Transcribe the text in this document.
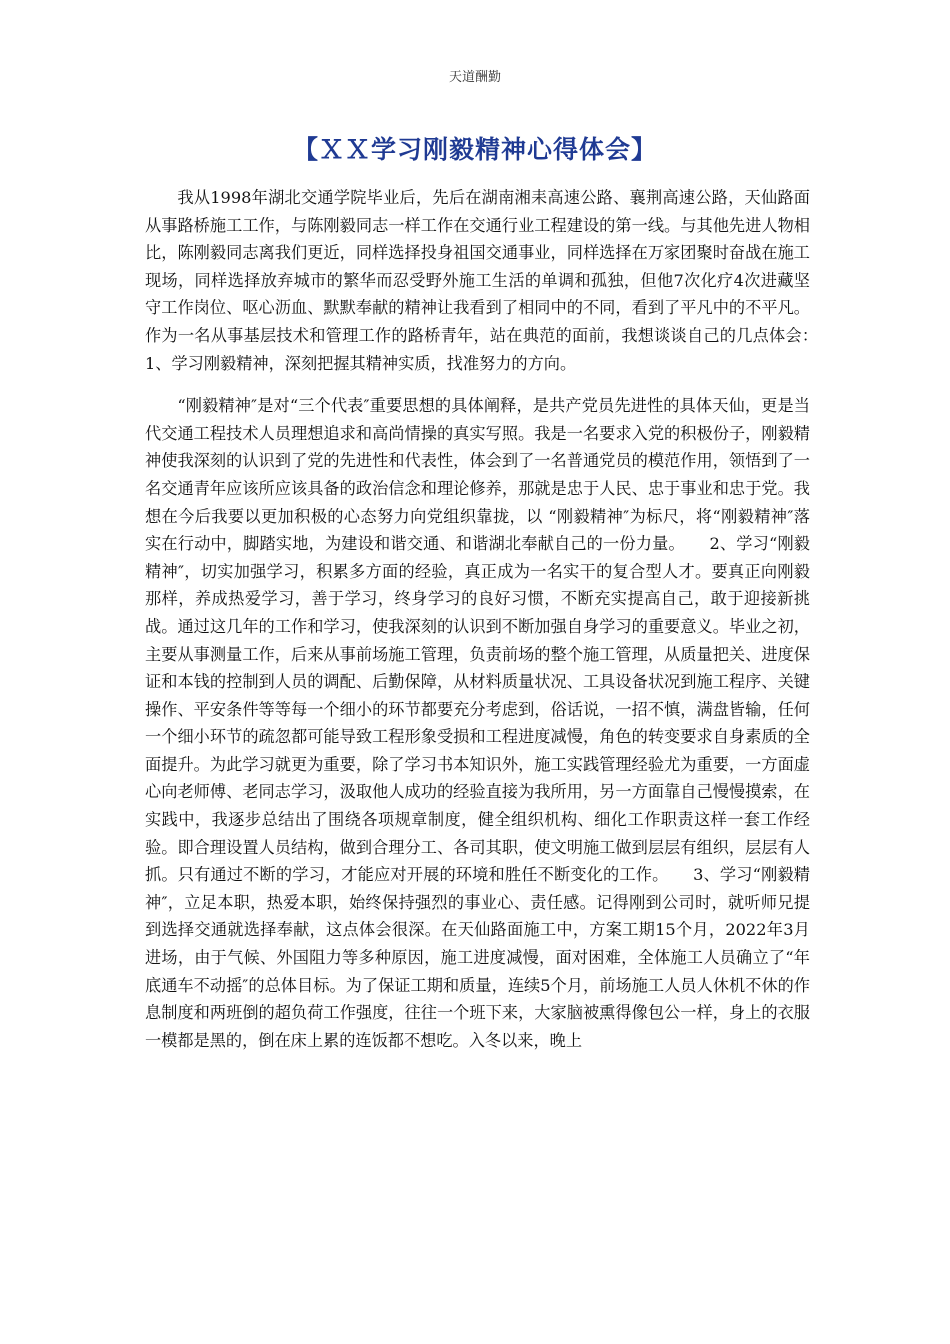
天道酬勤
【ＸＸ学习刚毅精神心得体会】

我从1998年湖北交通学院毕业后，先后在湖南湘耒高速公路、襄荆高速公路，天仙路面从事路桥施工工作，与陈刚毅同志一样工作在交通行业工程建设的第一线。与其他先进人物相比，陈刚毅同志离我们更近，同样选择投身祖国交通事业，同样选择在万家团聚时奋战在施工现场，同样选择放弃城市的繁华而忍受野外施工生活的单调和孤独，但他7次化疗4次进藏坚守工作岗位、呕心沥血、默默奉献的精神让我看到了相同中的不同，看到了平凡中的不平凡。作为一名从事基层技术和管理工作的路桥青年，站在典范的面前，我想谈谈自己的几点体会：　　1、学习刚毅精神，深刻把握其精神实质，找准努力的方向。

“刚毅精神″是对“三个代表″重要思想的具体阐释，是共产党员先进性的具体天仙，更是当代交通工程技术人员理想追求和高尚情操的真实写照。我是一名要求入党的积极份子，刚毅精神使我深刻的认识到了党的先进性和代表性，体会到了一名普通党员的模范作用，领悟到了一名交通青年应该所应该具备的政治信念和理论修养，那就是忠于人民、忠于事业和忠于党。我想在今后我要以更加积极的心态努力向党组织靠拢，以 “刚毅精神″为标尺，将“刚毅精神″落实在行动中，脚踏实地，为建设和谐交通、和谐湖北奉献自己的一份力量。　　2、学习“刚毅精神″，切实加强学习，积累多方面的经验，真正成为一名实干的复合型人才。要真正向刚毅那样，养成热爱学习，善于学习，终身学习的良好习惯，不断充实提高自己，敢于迎接新挑战。通过这几年的工作和学习，使我深刻的认识到不断加强自身学习的重要意义。毕业之初，主要从事测量工作，后来从事前场施工管理，负责前场的整个施工管理，从质量把关、进度保证和本钱的控制到人员的调配、后勤保障，从材料质量状况、工具设备状况到施工程序、关键操作、平安条件等等每一个细小的环节都要充分考虑到，俗话说，一招不慎，满盘皆输，任何一个细小环节的疏忽都可能导致工程形象受损和工程进度减慢，角色的转变要求自身素质的全面提升。为此学习就更为重要，除了学习书本知识外，施工实践管理经验尤为重要，一方面虚心向老师傅、老同志学习，汲取他人成功的经验直接为我所用，另一方面靠自己慢慢摸索，在实践中，我逐步总结出了围绕各项规章制度，健全组织机构、细化工作职责这样一套工作经验。即合理设置人员结构，做到合理分工、各司其职，使文明施工做到层层有组织，层层有人抓。只有通过不断的学习，才能应对开展的环境和胜任不断变化的工作。　　3、学习“刚毅精神″，立足本职，热爱本职，始终保持强烈的事业心、责任感。记得刚到公司时，就听师兄提到选择交通就选择奉献，这点体会很深。在天仙路面施工中，方案工期15个月，2022年3月进场，由于气候、外国阻力等多种原因，施工进度减慢，面对困难，全体施工人员确立了“年底通车不动摇″的总体目标。为了保证工期和质量，连续5个月，前场施工人员人休机不休的作息制度和两班倒的超负荷工作强度，往往一个班下来，大家脑被熏得像包公一样，身上的衣服一模都是黑的，倒在床上累的连饭都不想吃。入冬以来，晚上
